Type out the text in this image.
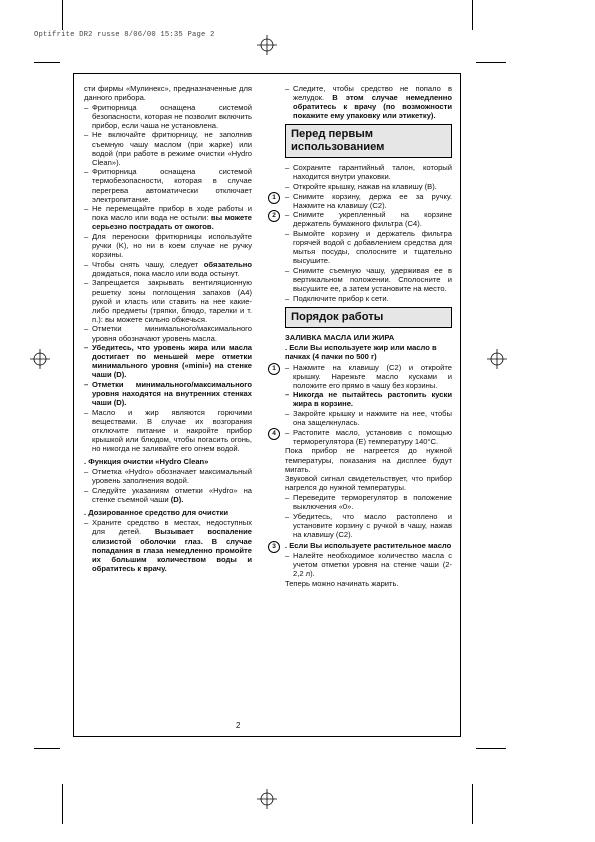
Optifrite DR2 russe 8/06/00 15:35 Page 2

сти фирмы «Мулинекс», предназначенные для данного прибора.

– Фритюрница оснащена системой безопасности, которая не позволит включить прибор, если чаша не установлена.

– Не включайте фритюрницу, не заполнив съемную чашу маслом (при жарке) или водой (при работе в режиме очистки «Hydro Clean»).

– Фритюрница оснащена системой термобезопасности, которая в случае перегрева автоматически отключает электропитание.

– Не перемещайте прибор в ходе работы и пока масло или вода не остыли: вы можете серьезно пострадать от ожогов.

– Для переноски фритюрницы используйте ручки (K), но ни в коем случае не ручку корзины.

– Чтобы снять чашу, следует обязательно дождаться, пока масло или вода остынут.

– Запрещается закрывать вентиляционную решетку зоны поглощения запахов (A4) рукой и класть или ставить на нее какие-либо предметы (тряпки, блюдо, тарелки и т. п.): вы можете сильно обжечься.

– Отметки минимального/максимального уровня обозначают уровень масла.

– Убедитесь, что уровень жира или масла достигает по меньшей мере отметки минимального уровня («mini») на стенке чаши (D).

– Отметки минимального/максимального уровня находятся на внутренних стенках чаши (D).

– Масло и жир являются горючими веществами. В случае их возгорания отключите питание и накройте прибор крышкой или блюдом, чтобы погасить огонь, но никогда не заливайте его огнем водой.

. Функция очистки «Hydro Clean»

– Отметка «Hydro» обозначает максимальный уровень заполнения водой.

– Следуйте указаниям отметки «Hydro» на стенке съемной чаши (D).

. Дозированное средство для очистки

– Храните средство в местах, недоступных для детей. Вызывает воспаление слизистой оболочки глаз. В случае попадания в глаза немедленно промойте их большим количеством воды и обратитесь к врачу.

– Следите, чтобы средство не попало в желудок. В этом случае немедленно обратитесь к врачу (по возможности покажите ему упаковку или этикетку).

Перед первым использованием

– Сохраните гарантийный талон, который находится внутри упаковки.

– Откройте крышку, нажав на клавишу (B).

1	– Снимите корзину, держа ее за ручку. Нажмите на клавишу (C2).

2	– Снимите укрепленный на корзине держатель бумажного фильтра (C4).

– Вымойте корзину и держатель фильтра горячей водой с добавлением средства для мытья посуды, сполосните и тщательно высушите.

– Снимите съемную чашу, удерживая ее в вертикальном положении. Сполосните и высушите ее, а затем установите на место.

– Подключите прибор к сети.

Порядок работы

ЗАЛИВКА МАСЛА ИЛИ ЖИРА

. Если Вы используете жир или масло в пачках (4 пачки по 500 г)

1	– Нажмите на клавишу (C2) и откройте крышку. Нарежьте масло кусками и положите его прямо в чашу без корзины.

– Никогда не пытайтесь растопить куски жира в корзине.

– Закройте крышку и нажмите на нее, чтобы она защелкнулась.

4	– Растопите масло, установив с помощью терморегулятора (E) температуру 140°C.

Пока прибор не нагреется до нужной температуры, показания на дисплее будут мигать.

Звуковой сигнал свидетельствует, что прибор нагрелся до нужной температуры.

– Переведите терморегулятор в положение выключения «0».

– Убедитесь, что масло растоплено и установите корзину с ручкой в чашу, нажав на клавишу (C2).

3	. Если Вы используете растительное масло

– Налейте необходимое количество масла с учетом отметки уровня на стенке чаши (2-2,2 л).

Теперь можно начинать жарить.

2
